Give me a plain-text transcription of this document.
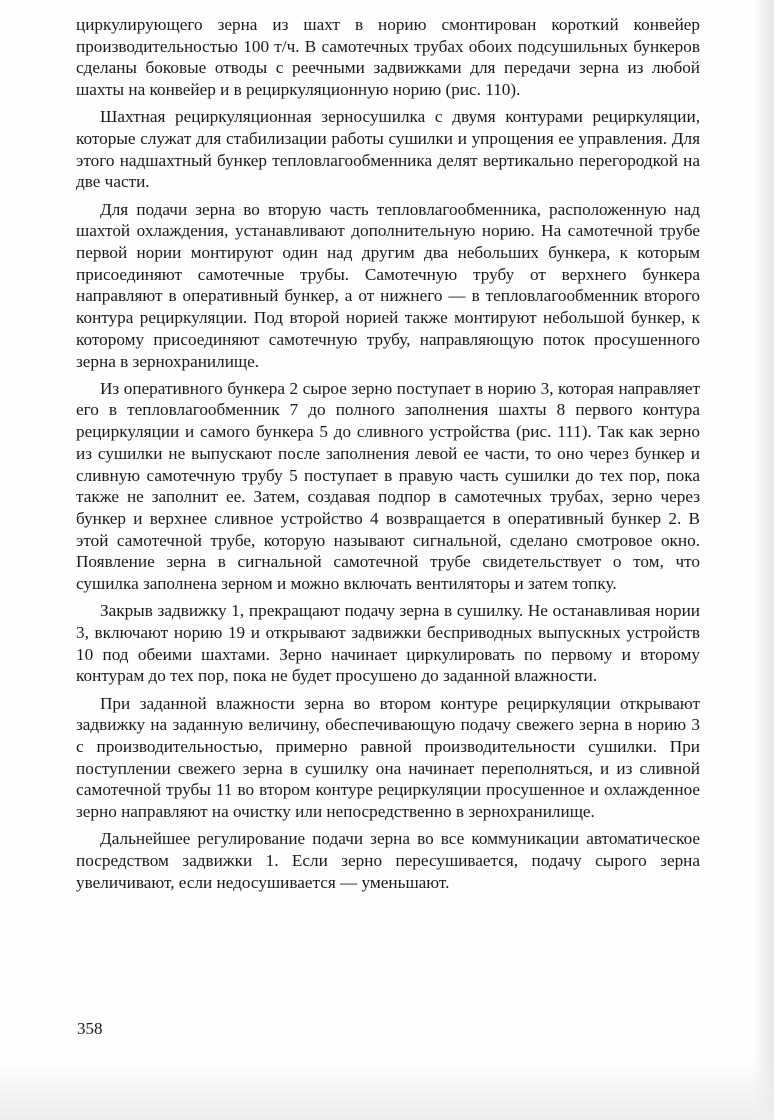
циркулирующего зерна из шахт в норию смонтирован короткий конвейер производительностью 100 т/ч. В самотечных трубах обоих подсушильных бункеров сделаны боковые отводы с реечными задвижками для передачи зерна из любой шахты на конвейер и в рециркуляционную норию (рис. 110).

Шахтная рециркуляционная зерносушилка с двумя контурами рециркуляции, которые служат для стабилизации работы сушилки и упрощения ее управления. Для этого надшахтный бункер тепловлагообменника делят вертикально перегородкой на две части.

Для подачи зерна во вторую часть тепловлагообменника, расположенную над шахтой охлаждения, устанавливают дополнительную норию. На самотечной трубе первой нории монтируют один над другим два небольших бункера, к которым присоединяют самотечные трубы. Самотечную трубу от верхнего бункера направляют в оперативный бункер, а от нижнего — в тепловлагообменник второго контура рециркуляции. Под второй норией также монтируют небольшой бункер, к которому присоединяют самотечную трубу, направляющую поток просушенного зерна в зернохранилище.

Из оперативного бункера 2 сырое зерно поступает в норию 3, которая направляет его в тепловлагообменник 7 до полного заполнения шахты 8 первого контура рециркуляции и самого бункера 5 до сливного устройства (рис. 111). Так как зерно из сушилки не выпускают после заполнения левой ее части, то оно через бункер и сливную самотечную трубу 5 поступает в правую часть сушилки до тех пор, пока также не заполнит ее. Затем, создавая подпор в самотечных трубах, зерно через бункер и верхнее сливное устройство 4 возвращается в оперативный бункер 2. В этой самотечной трубе, которую называют сигнальной, сделано смотровое окно. Появление зерна в сигнальной самотечной трубе свидетельствует о том, что сушилка заполнена зерном и можно включать вентиляторы и затем топку.

Закрыв задвижку 1, прекращают подачу зерна в сушилку. Не останавливая нории 3, включают норию 19 и открывают задвижки бесприводных выпускных устройств 10 под обеими шахтами. Зерно начинает циркулировать по первому и второму контурам до тех пор, пока не будет просушено до заданной влажности.

При заданной влажности зерна во втором контуре рециркуляции открывают задвижку на заданную величину, обеспечивающую подачу свежего зерна в норию 3 с производительностью, примерно равной производительности сушилки. При поступлении свежего зерна в сушилку она начинает переполняться, и из сливной самотечной трубы 11 во втором контуре рециркуляции просушенное и охлажденное зерно направляют на очистку или непосредственно в зернохранилище.

Дальнейшее регулирование подачи зерна во все коммуникации автоматическое посредством задвижки 1. Если зерно пересушивается, подачу сырого зерна увеличивают, если недосушивается — уменьшают.

358
